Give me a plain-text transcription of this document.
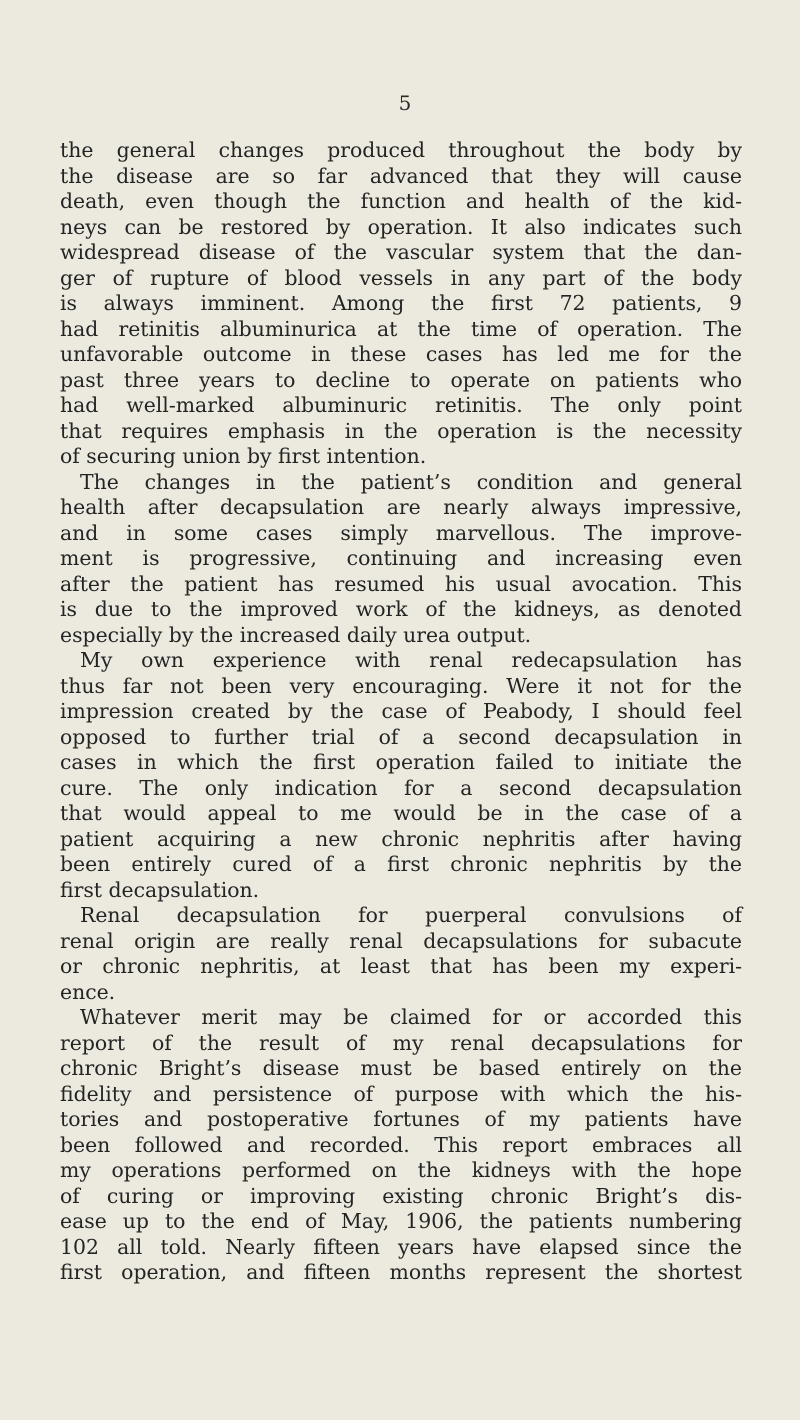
5
the general changes produced throughout the body by
the disease are so far advanced that they will cause
death, even though the function and health of the kid-
neys can be restored by operation. It also indicates such
widespread disease of the vascular system that the dan-
ger of rupture of blood vessels in any part of the body
is always imminent. Among the first 72 patients, 9
had retinitis albuminurica at the time of operation. The
unfavorable outcome in these cases has led me for the
past three years to decline to operate on patients who
had well-marked albuminuric retinitis. The only point
that requires emphasis in the operation is the necessity
of securing union by first intention.
The changes in the patient’s condition and general
health after decapsulation are nearly always impressive,
and in some cases simply marvellous. The improve-
ment is progressive, continuing and increasing even
after the patient has resumed his usual avocation. This
is due to the improved work of the kidneys, as denoted
especially by the increased daily urea output.
My own experience with renal redecapsulation has
thus far not been very encouraging. Were it not for the
impression created by the case of Peabody, I should feel
opposed to further trial of a second decapsulation in
cases in which the first operation failed to initiate the
cure. The only indication for a second decapsulation
that would appeal to me would be in the case of a
patient acquiring a new chronic nephritis after having
been entirely cured of a first chronic nephritis by the
first decapsulation.
Renal decapsulation for puerperal convulsions of
renal origin are really renal decapsulations for subacute
or chronic nephritis, at least that has been my experi-
ence.
Whatever merit may be claimed for or accorded this
report of the result of my renal decapsulations for
chronic Bright’s disease must be based entirely on the
fidelity and persistence of purpose with which the his-
tories and postoperative fortunes of my patients have
been followed and recorded. This report embraces all
my operations performed on the kidneys with the hope
of curing or improving existing chronic Bright’s dis-
ease up to the end of May, 1906, the patients numbering
102 all told. Nearly fifteen years have elapsed since the
first operation, and fifteen months represent the shortest
